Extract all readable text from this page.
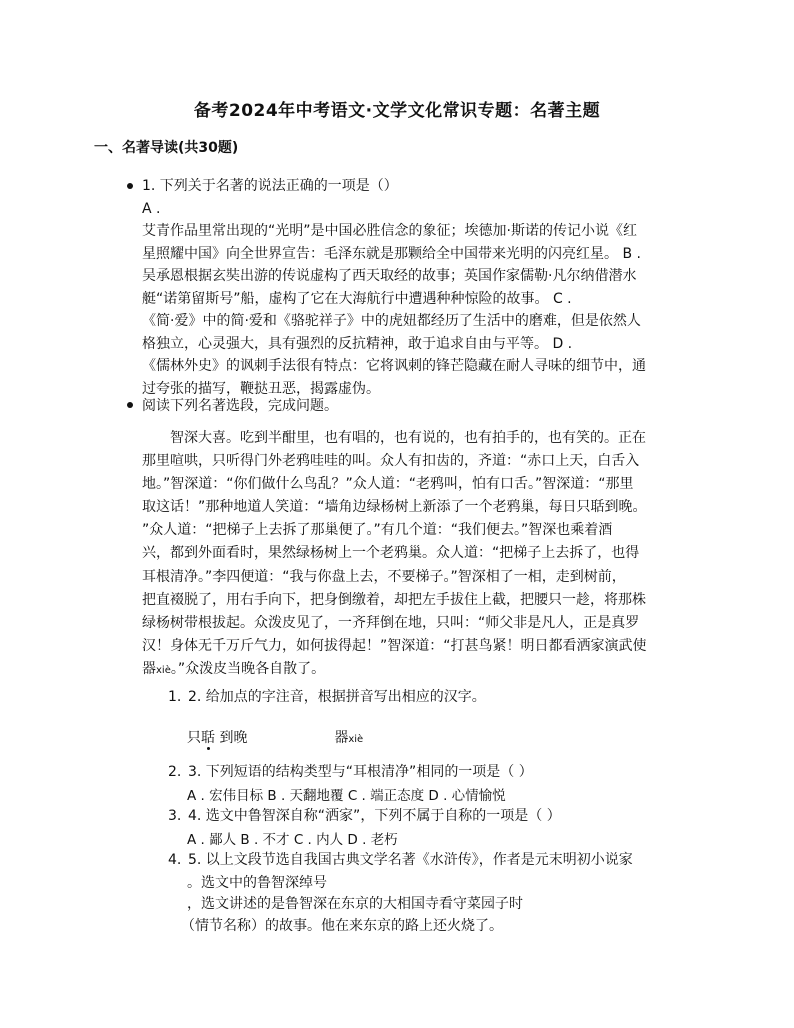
备考2024年中考语文·文学文化常识专题：名著主题
一、名著导读(共30题)
1. 下列关于名著的说法正确的一项是（）
A .
艾青作品里常出现的“光明”是中国必胜信念的象征；埃德加·斯诺的传记小说《红
星照耀中国》向全世界宣告：毛泽东就是那颗给全中国带来光明的闪亮红星。 B .
吴承恩根据玄奘出游的传说虚构了西天取经的故事；英国作家儒勒·凡尔纳借潜水
艇“诺第留斯号”船，虚构了它在大海航行中遭遇种种惊险的故事。 C .
《简·爱》中的简·爱和《骆驼祥子》中的虎妞都经历了生活中的磨难，但是依然人
格独立，心灵强大，具有强烈的反抗精神，敢于追求自由与平等。 D .
《儒林外史》的讽刺手法很有特点：它将讽刺的锋芒隐藏在耐人寻味的细节中，通
过夸张的描写，鞭挞丑恶，揭露虚伪。
阅读下列名著选段，完成问题。
　　智深大喜。吃到半酣里，也有唱的，也有说的，也有拍手的，也有笑的。正在
那里喧哄，只听得门外老鸦哇哇的叫。众人有扣齿的，齐道：“赤口上天，白舌入
地。”智深道：“你们做什么鸟乱？”众人道：“老鸦叫，怕有口舌。”智深道：“那里
取这话！”那种地道人笑道：“墙角边绿杨树上新添了一个老鸦巢，每日只聒到晚。
”众人道：“把梯子上去拆了那巢便了。”有几个道：“我们便去。”智深也乘着酒
兴，都到外面看时，果然绿杨树上一个老鸦巢。众人道：“把梯子上去拆了，也得
耳根清净。”李四便道：“我与你盘上去，不要梯子。”智深相了一相，走到树前，
把直裰脱了，用右手向下，把身倒缴着，却把左手拔住上截，把腰只一趁，将那株
绿杨树带根拔起。众泼皮见了，一齐拜倒在地，只叫：“师父非是凡人，正是真罗
汉！身体无千万斤气力，如何拔得起！”智深道：“打甚鸟紧！明日都看洒家演武使
器xiè。”众泼皮当晚各自散了。
1. 2. 给加点的字注音，根据拼音写出相应的汉字。
只聒 到晚	器xiè
2. 3. 下列短语的结构类型与“耳根清净”相同的一项是（ ）
A . 宏伟目标 B . 天翻地覆 C . 端正态度 D . 心情愉悦
3. 4. 选文中鲁智深自称“洒家”，下列不属于自称的一项是（ ）
A . 鄙人 B . 不才 C . 内人 D . 老朽
4. 5. 以上文段节选自我国古典文学名著《水浒传》，作者是元末明初小说家
。选文中的鲁智深绰号
，选文讲述的是鲁智深在东京的大相国寺看守菜园子时
（情节名称）的故事。他在来东京的路上还火烧了。
